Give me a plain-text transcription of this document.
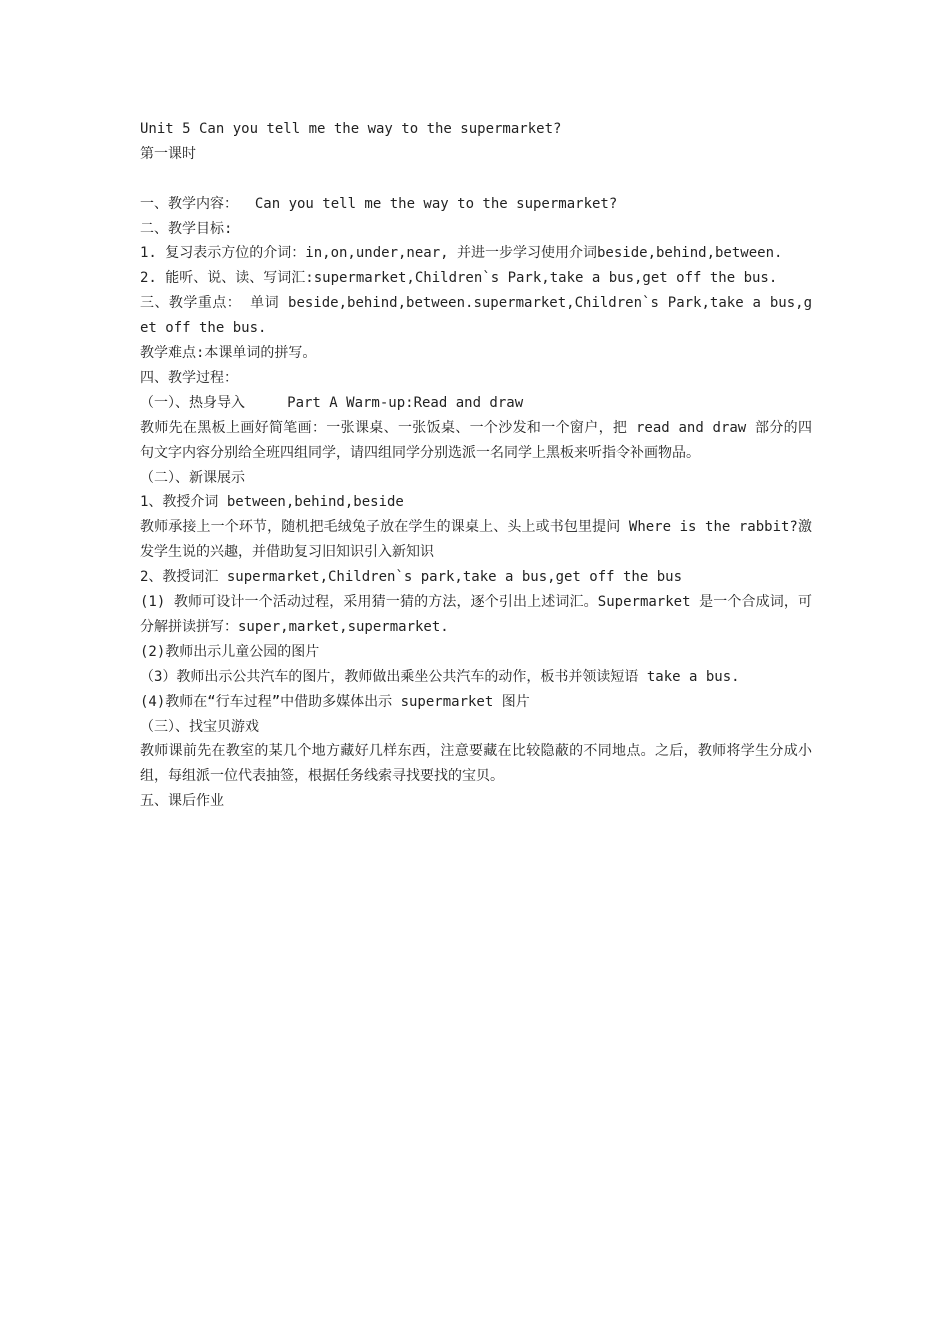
Unit 5 Can you tell me the way to the supermarket?
第一课时
一、教学内容：  Can you tell me the way to the supermarket?
二、教学目标:
1. 复习表示方位的介词：in,on,under,near, 并进一步学习使用介词beside,behind,between.
2. 能听、说、读、写词汇:supermarket,Children`s Park,take a bus,get off the bus.
三、教学重点： 单词 beside,behind,between.supermarket,Children`s Park,take a bus,get off the bus.
教学难点:本课单词的拼写。
四、教学过程：
（一）、热身导入     Part A Warm-up:Read and draw
教师先在黑板上画好简笔画：一张课桌、一张饭桌、一个沙发和一个窗户，把 read and draw 部分的四句文字内容分别给全班四组同学，请四组同学分别选派一名同学上黑板来听指令补画物品。
（二）、新课展示
1、教授介词 between,behind,beside
教师承接上一个环节，随机把毛绒兔子放在学生的课桌上、头上或书包里提问 Where is the rabbit?激发学生说的兴趣，并借助复习旧知识引入新知识
2、教授词汇 supermarket,Children`s park,take a bus,get off the bus
(1) 教师可设计一个活动过程，采用猜一猜的方法，逐个引出上述词汇。Supermarket 是一个合成词，可分解拼读拼写：super,market,supermarket.
(2)教师出示儿童公园的图片
（3）教师出示公共汽车的图片，教师做出乘坐公共汽车的动作，板书并领读短语 take a bus.
(4)教师在“行车过程”中借助多媒体出示 supermarket 图片
（三）、找宝贝游戏
教师课前先在教室的某几个地方藏好几样东西，注意要藏在比较隐蔽的不同地点。之后，教师将学生分成小组，每组派一位代表抽签，根据任务线索寻找要找的宝贝。
五、课后作业
